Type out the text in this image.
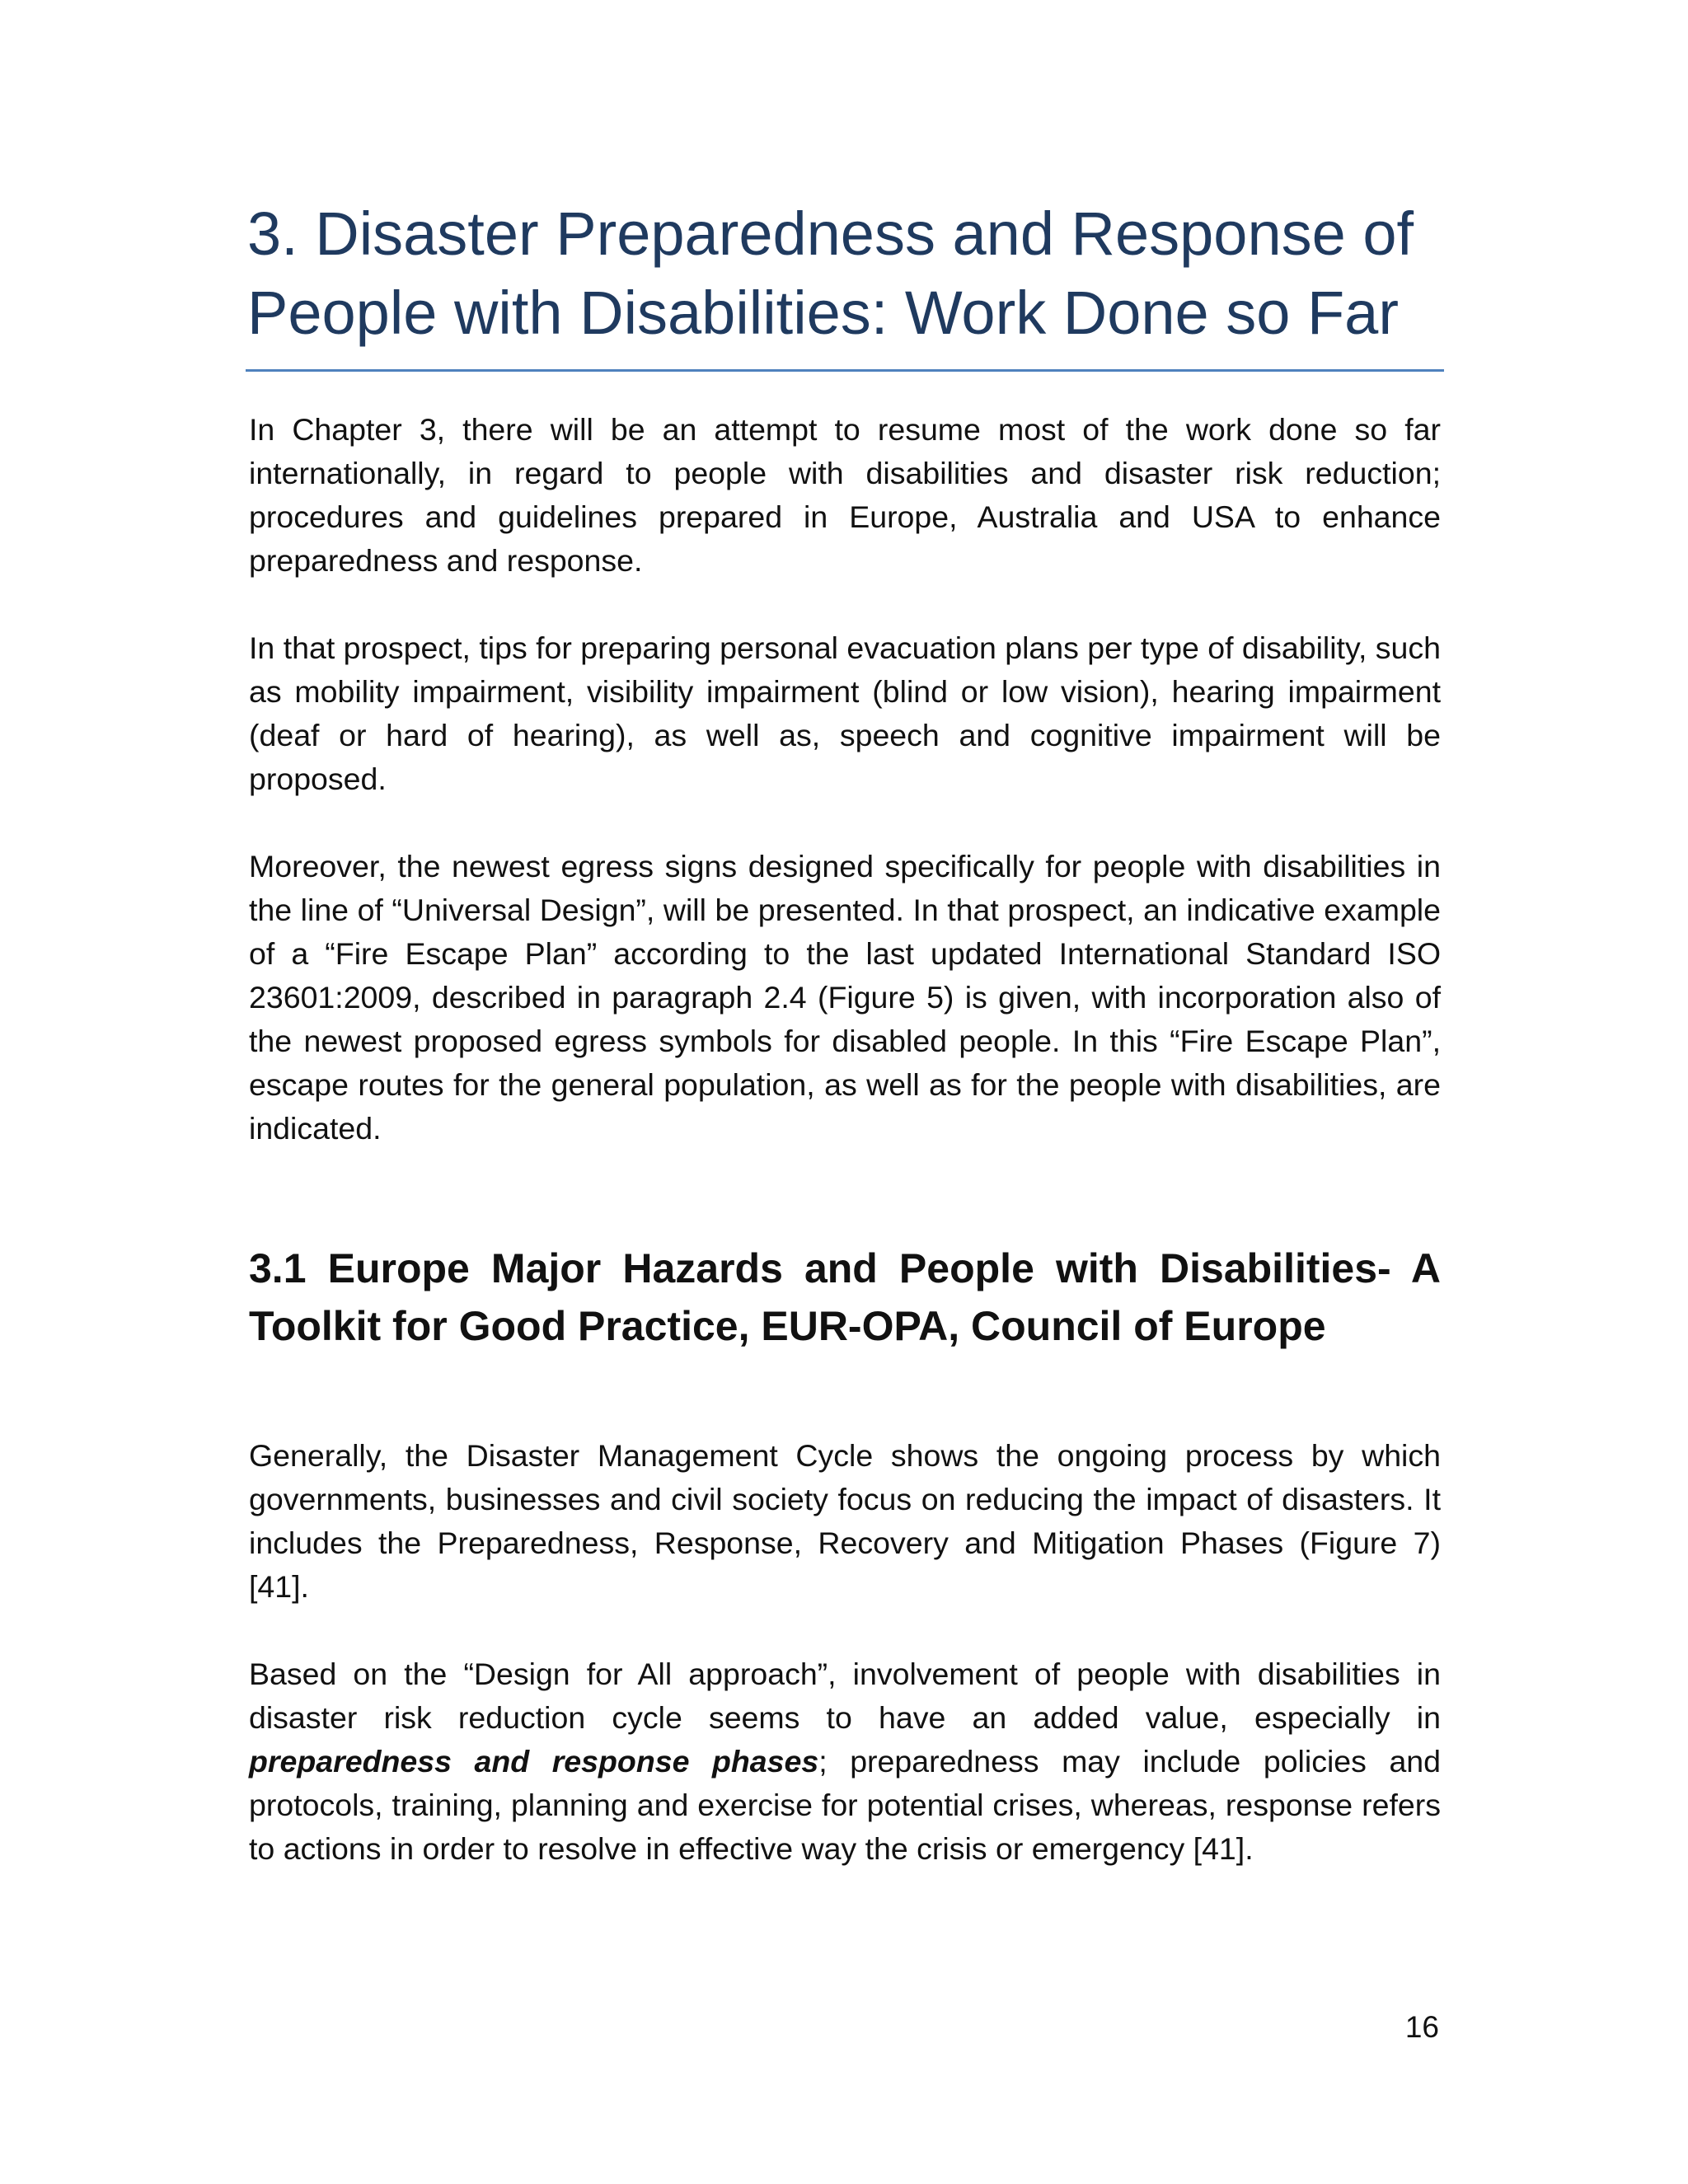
3. Disaster Preparedness and Response of People with Disabilities: Work Done so Far

In Chapter 3, there will be an attempt to resume most of the work done so far internationally, in regard to people with disabilities and disaster risk reduction; procedures and guidelines prepared in Europe, Australia and USA to enhance preparedness and response.

In that prospect, tips for preparing personal evacuation plans per type of disability, such as mobility impairment, visibility impairment (blind or low vision), hearing impairment (deaf or hard of hearing), as well as, speech and cognitive impairment will be proposed.

Moreover, the newest egress signs designed specifically for people with disabilities in the line of “Universal Design”, will be presented. In that prospect, an indicative example of a “Fire Escape Plan” according to the last updated International Standard ISO 23601:2009, described in paragraph 2.4 (Figure 5) is given, with incorporation also of the newest proposed egress symbols for disabled people. In this “Fire Escape Plan”, escape routes for the general population, as well as for the people with disabilities, are indicated.

3.1 Europe Major Hazards and People with Disabilities- A Toolkit for Good Practice, EUR-OPA, Council of Europe

Generally, the Disaster Management Cycle shows the ongoing process by which governments, businesses and civil society focus on reducing the impact of disasters. It includes the Preparedness, Response, Recovery and Mitigation Phases (Figure 7) [41].

Based on the “Design for All approach”, involvement of people with disabilities in disaster risk reduction cycle seems to have an added value, especially in preparedness and response phases; preparedness may include policies and protocols, training, planning and exercise for potential crises, whereas, response refers to actions in order to resolve in effective way the crisis or emergency [41].

16
